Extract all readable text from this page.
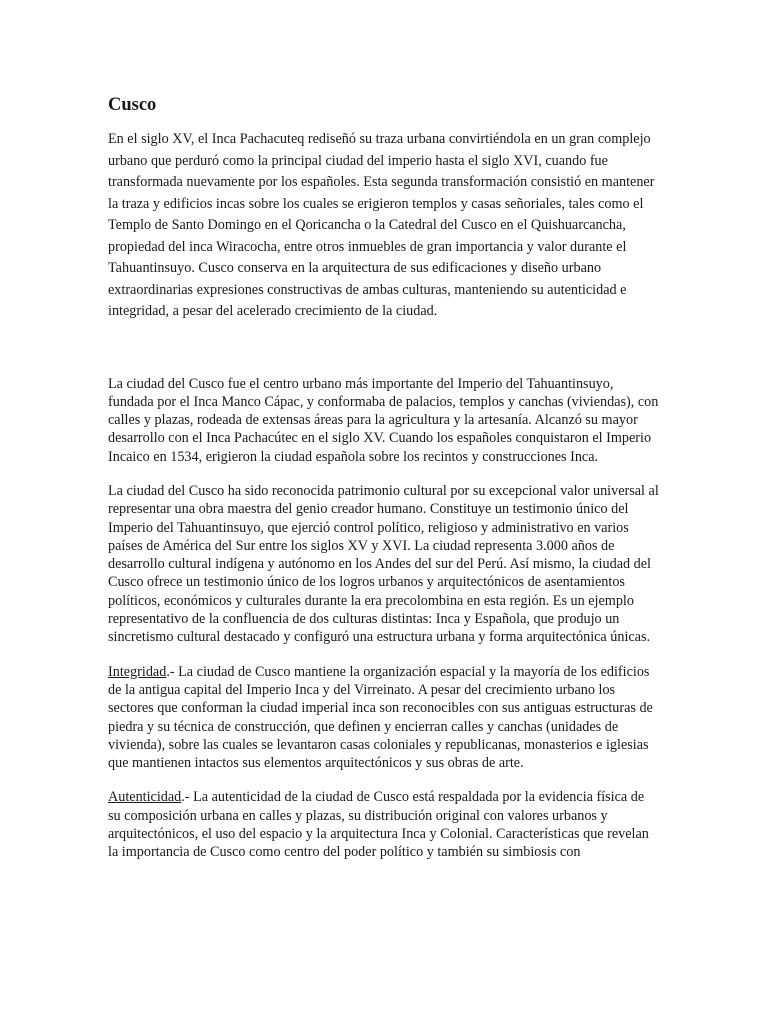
Cusco

En el siglo XV, el Inca Pachacuteq rediseñó su traza urbana convirtiéndola en un gran complejo urbano que perduró como la principal ciudad del imperio hasta el siglo XVI, cuando fue transformada nuevamente por los españoles. Esta segunda transformación consistió en mantener la traza y edificios incas sobre los cuales se erigieron templos y casas señoriales, tales como el Templo de Santo Domingo en el Qoricancha o la Catedral del Cusco en el Quishuarcancha, propiedad del inca Wiracocha, entre otros inmuebles de gran importancia y valor durante el Tahuantinsuyo. Cusco conserva en la arquitectura de sus edificaciones y diseño urbano extraordinarias expresiones constructivas de ambas culturas, manteniendo su autenticidad e integridad, a pesar del acelerado crecimiento de la ciudad.

La ciudad del Cusco fue el centro urbano más importante del Imperio del Tahuantinsuyo, fundada por el Inca Manco Cápac, y conformaba de palacios, templos y canchas (viviendas), con calles y plazas, rodeada de extensas áreas para la agricultura y la artesanía. Alcanzó su mayor desarrollo con el Inca Pachacútec en el siglo XV. Cuando los españoles conquistaron el Imperio Incaico en 1534, erigieron la ciudad española sobre los recintos y construcciones Inca.

La ciudad del Cusco ha sido reconocida patrimonio cultural por su excepcional valor universal al representar una obra maestra del genio creador humano. Constituye un testimonio único del Imperio del Tahuantinsuyo, que ejerció control político, religioso y administrativo en varios países de América del Sur entre los siglos XV y XVI. La ciudad representa 3.000 años de desarrollo cultural indígena y autónomo en los Andes del sur del Perú. Así mismo, la ciudad del Cusco ofrece un testimonio único de los logros urbanos y arquitectónicos de asentamientos políticos, económicos y culturales durante la era precolombina en esta región. Es un ejemplo representativo de la confluencia de dos culturas distintas: Inca y Española, que produjo un sincretismo cultural destacado y configuró una estructura urbana y forma arquitectónica únicas.

Integridad.- La ciudad de Cusco mantiene la organización espacial y la mayoría de los edificios de la antigua capital del Imperio Inca y del Virreinato. A pesar del crecimiento urbano los sectores que conforman la ciudad imperial inca son reconocibles con sus antiguas estructuras de piedra y su técnica de construcción, que definen y encierran calles y canchas (unidades de vivienda), sobre las cuales se levantaron casas coloniales y republicanas, monasterios e iglesias que mantienen intactos sus elementos arquitectónicos y sus obras de arte.

Autenticidad.- La autenticidad de la ciudad de Cusco está respaldada por la evidencia física de su composición urbana en calles y plazas, su distribución original con valores urbanos y arquitectónicos, el uso del espacio y la arquitectura Inca y Colonial. Características que revelan la importancia de Cusco como centro del poder político y también su simbiosis con
